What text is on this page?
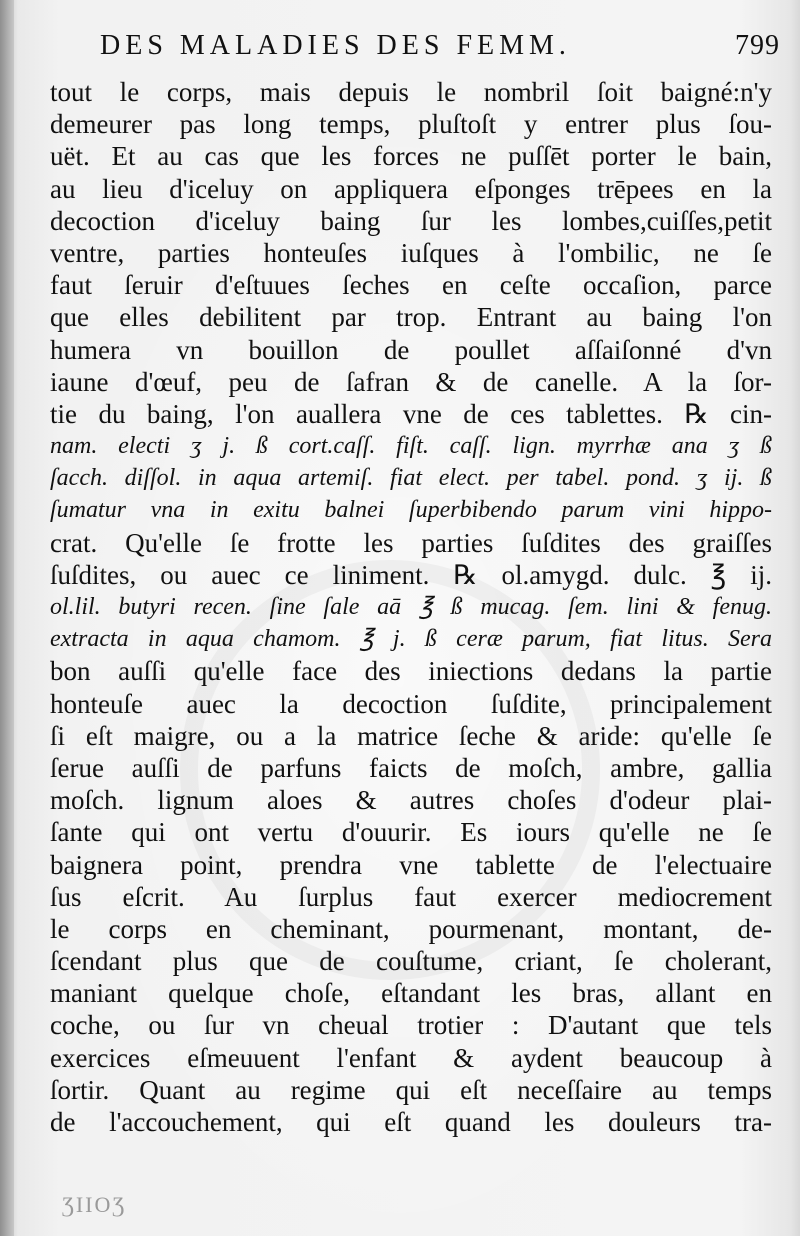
DES MALADIES DES FEMM.	799
tout le corps, mais depuis le nombril ſoit baigné:n'y
demeurer pas long temps, pluſtoſt y entrer plus ſou-
uët. Et au cas que les forces ne puſſēt porter le bain,
au lieu d'iceluy on appliquera eſponges trēpees en la
decoction d'iceluy baing ſur les lombes,cuiſſes,petit
ventre, parties honteuſes iuſques à l'ombilic, ne ſe
faut ſeruir d'eſtuues ſeches en ceſte occaſion, parce
que elles debilitent par trop. Entrant au baing l'on
humera vn bouillon de poullet aſſaiſonné d'vn
iaune d'œuf, peu de ſafran & de canelle. A la ſor-
tie du baing, l'on auallera vne de ces tablettes. ℞ cin-
nam. electi ʒ j. ß cort.caſſ. fiſt. caſſ. lign. myrrhæ ana ʒ ß
ſacch. diſſol. in aqua artemiſ. fiat elect. per tabel. pond. ʒ ij. ß
ſumatur vna in exitu balnei ſuperbibendo parum vini hippo-
crat. Qu'elle ſe frotte les parties ſuſdites des graiſſes
ſuſdites, ou auec ce liniment. ℞ ol.amygd. dulc. ℥ ij.
ol.lil. butyri recen. ſine ſale aā ℥ ß mucag. ſem. lini & fenug.
extracta in aqua chamom. ℥ j. ß ceræ parum, fiat litus. Sera
bon auſſi qu'elle face des iniections dedans la partie
honteuſe auec la decoction ſuſdite, principalement
ſi eſt maigre, ou a la matrice ſeche & aride: qu'elle ſe
ſerue auſſi de parfuns faicts de moſch, ambre, gallia
moſch. lignum aloes & autres choſes d'odeur plai-
ſante qui ont vertu d'ouurir. Es iours qu'elle ne ſe
baignera point, prendra vne tablette de l'electuaire
ſus eſcrit. Au ſurplus faut exercer mediocrement
le corps en cheminant, pourmenant, montant, de-
ſcendant plus que de couſtume, criant, ſe cholerant,
maniant quelque choſe, eſtandant les bras, allant en
coche, ou ſur vn cheual trotier : D'autant que tels
exercices eſmeuuent l'enfant & aydent beaucoup à
ſortir. Quant au regime qui eſt neceſſaire au temps
de l'accouchement, qui eſt quand les douleurs tra-
ƷIIOƷ
